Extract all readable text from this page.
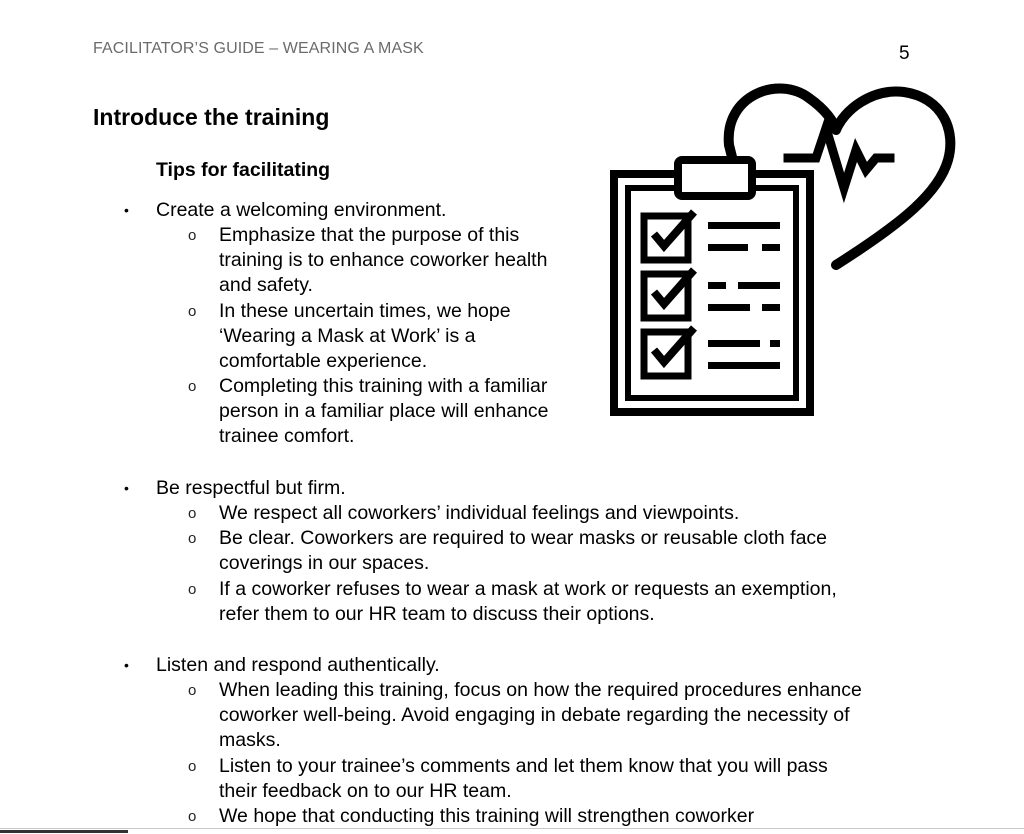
FACILITATOR’S GUIDE – WEARING A MASK	5
Introduce the training
Tips for facilitating
• Create a welcoming environment.
o Emphasize that the purpose of this
training is to enhance coworker health
and safety.
o In these uncertain times, we hope
‘Wearing a Mask at Work’ is a
comfortable experience.
o Completing this training with a familiar
person in a familiar place will enhance
trainee comfort.
• Be respectful but firm.
o We respect all coworkers’ individual feelings and viewpoints.
o Be clear. Coworkers are required to wear masks or reusable cloth face
coverings in our spaces.
o If a coworker refuses to wear a mask at work or requests an exemption,
refer them to our HR team to discuss their options.
• Listen and respond authentically.
o When leading this training, focus on how the required procedures enhance
coworker well-being. Avoid engaging in debate regarding the necessity of
masks.
o Listen to your trainee’s comments and let them know that you will pass
their feedback on to our HR team.
o We hope that conducting this training will strengthen coworker
